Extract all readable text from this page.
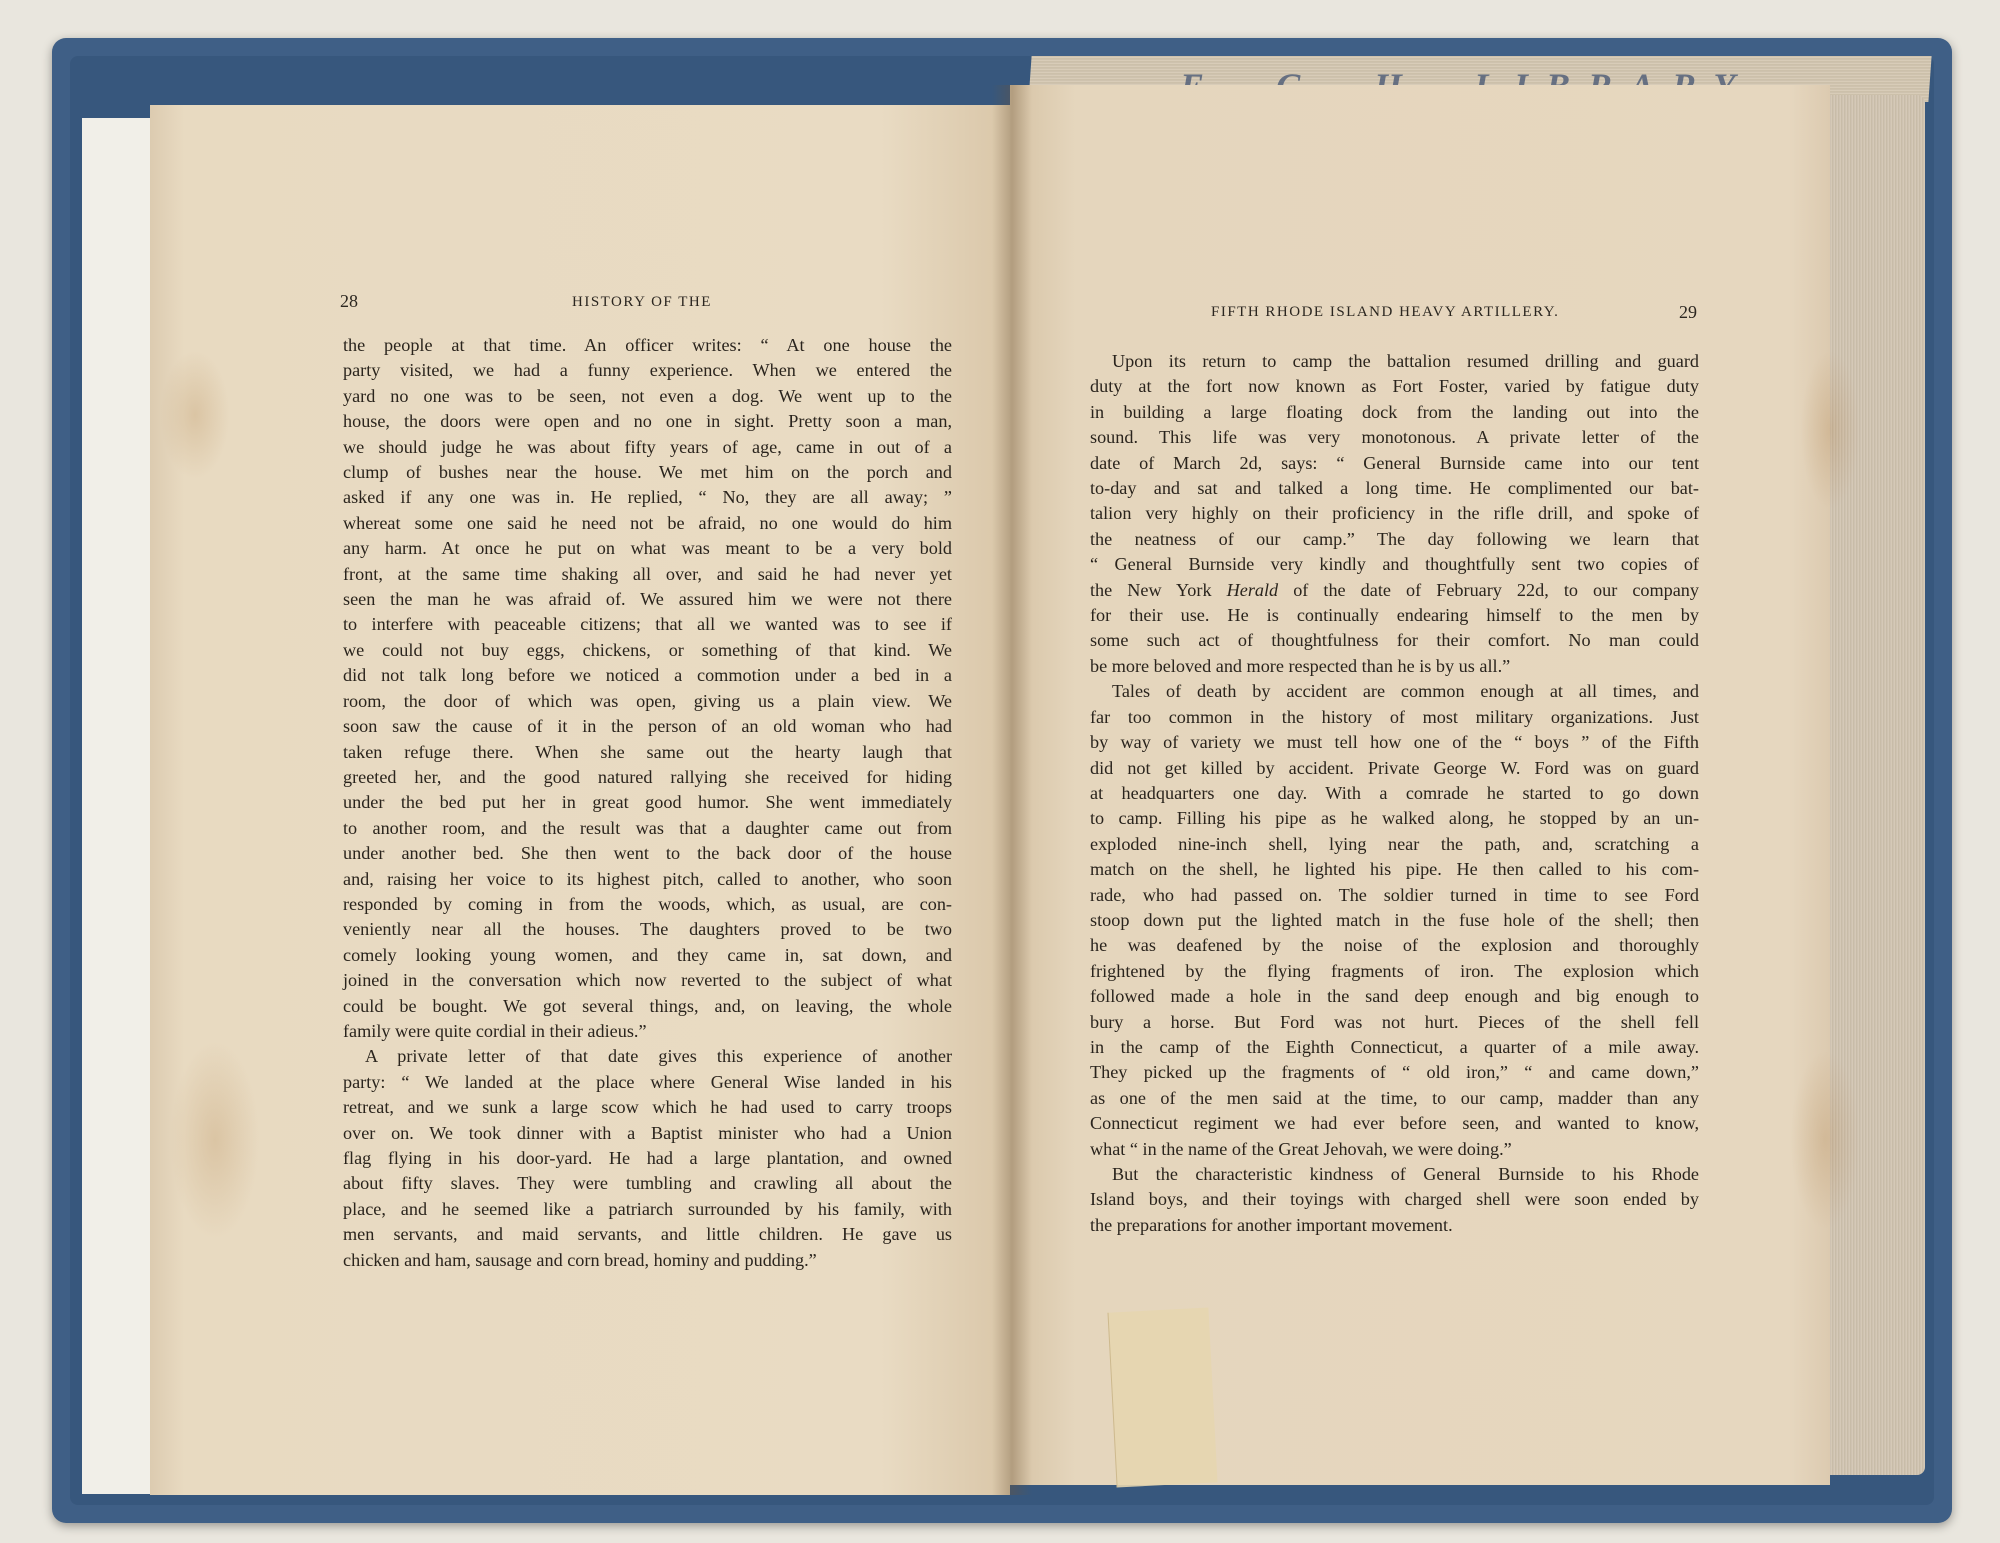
28	HISTORY OF THE

the people at that time. An officer writes: “ At one house the
party visited, we had a funny experience. When we entered the
yard no one was to be seen, not even a dog. We went up to the
house, the doors were open and no one in sight. Pretty soon a man,
we should judge he was about fifty years of age, came in out of a
clump of bushes near the house. We met him on the porch and
asked if any one was in. He replied, “ No, they are all away; ”
whereat some one said he need not be afraid, no one would do him
any harm. At once he put on what was meant to be a very bold
front, at the same time shaking all over, and said he had never yet
seen the man he was afraid of. We assured him we were not there
to interfere with peaceable citizens; that all we wanted was to see if
we could not buy eggs, chickens, or something of that kind. We
did not talk long before we noticed a commotion under a bed in a
room, the door of which was open, giving us a plain view. We
soon saw the cause of it in the person of an old woman who had
taken refuge there. When she same out the hearty laugh that
greeted her, and the good natured rallying she received for hiding
under the bed put her in great good humor. She went immediately
to another room, and the result was that a daughter came out from
under another bed. She then went to the back door of the house
and, raising her voice to its highest pitch, called to another, who soon
responded by coming in from the woods, which, as usual, are con-
veniently near all the houses. The daughters proved to be two
comely looking young women, and they came in, sat down, and
joined in the conversation which now reverted to the subject of what
could be bought. We got several things, and, on leaving, the whole
family were quite cordial in their adieus.”

A private letter of that date gives this experience of another
party: “ We landed at the place where General Wise landed in his
retreat, and we sunk a large scow which he had used to carry troops
over on. We took dinner with a Baptist minister who had a Union
flag flying in his door-yard. He had a large plantation, and owned
about fifty slaves. They were tumbling and crawling all about the
place, and he seemed like a patriarch surrounded by his family, with
men servants, and maid servants, and little children. He gave us
chicken and ham, sausage and corn bread, hominy and pudding.”

FIFTH RHODE ISLAND HEAVY ARTILLERY.	29

Upon its return to camp the battalion resumed drilling and guard
duty at the fort now known as Fort Foster, varied by fatigue duty
in building a large floating dock from the landing out into the
sound. This life was very monotonous. A private letter of the
date of March 2d, says: “ General Burnside came into our tent
to-day and sat and talked a long time. He complimented our bat-
talion very highly on their proficiency in the rifle drill, and spoke of
the neatness of our camp.” The day following we learn that
“ General Burnside very kindly and thoughtfully sent two copies of
the New York Herald of the date of February 22d, to our company
for their use. He is continually endearing himself to the men by
some such act of thoughtfulness for their comfort. No man could
be more beloved and more respected than he is by us all.”

Tales of death by accident are common enough at all times, and
far too common in the history of most military organizations. Just
by way of variety we must tell how one of the “ boys ” of the Fifth
did not get killed by accident. Private George W. Ford was on guard
at headquarters one day. With a comrade he started to go down
to camp. Filling his pipe as he walked along, he stopped by an un-
exploded nine-inch shell, lying near the path, and, scratching a
match on the shell, he lighted his pipe. He then called to his com-
rade, who had passed on. The soldier turned in time to see Ford
stoop down put the lighted match in the fuse hole of the shell; then
he was deafened by the noise of the explosion and thoroughly
frightened by the flying fragments of iron. The explosion which
followed made a hole in the sand deep enough and big enough to
bury a horse. But Ford was not hurt. Pieces of the shell fell
in the camp of the Eighth Connecticut, a quarter of a mile away.
They picked up the fragments of “ old iron,” “ and came down,”
as one of the men said at the time, to our camp, madder than any
Connecticut regiment we had ever before seen, and wanted to know,
what “ in the name of the Great Jehovah, we were doing.”

But the characteristic kindness of General Burnside to his Rhode
Island boys, and their toyings with charged shell were soon ended by
the preparations for another important movement.
